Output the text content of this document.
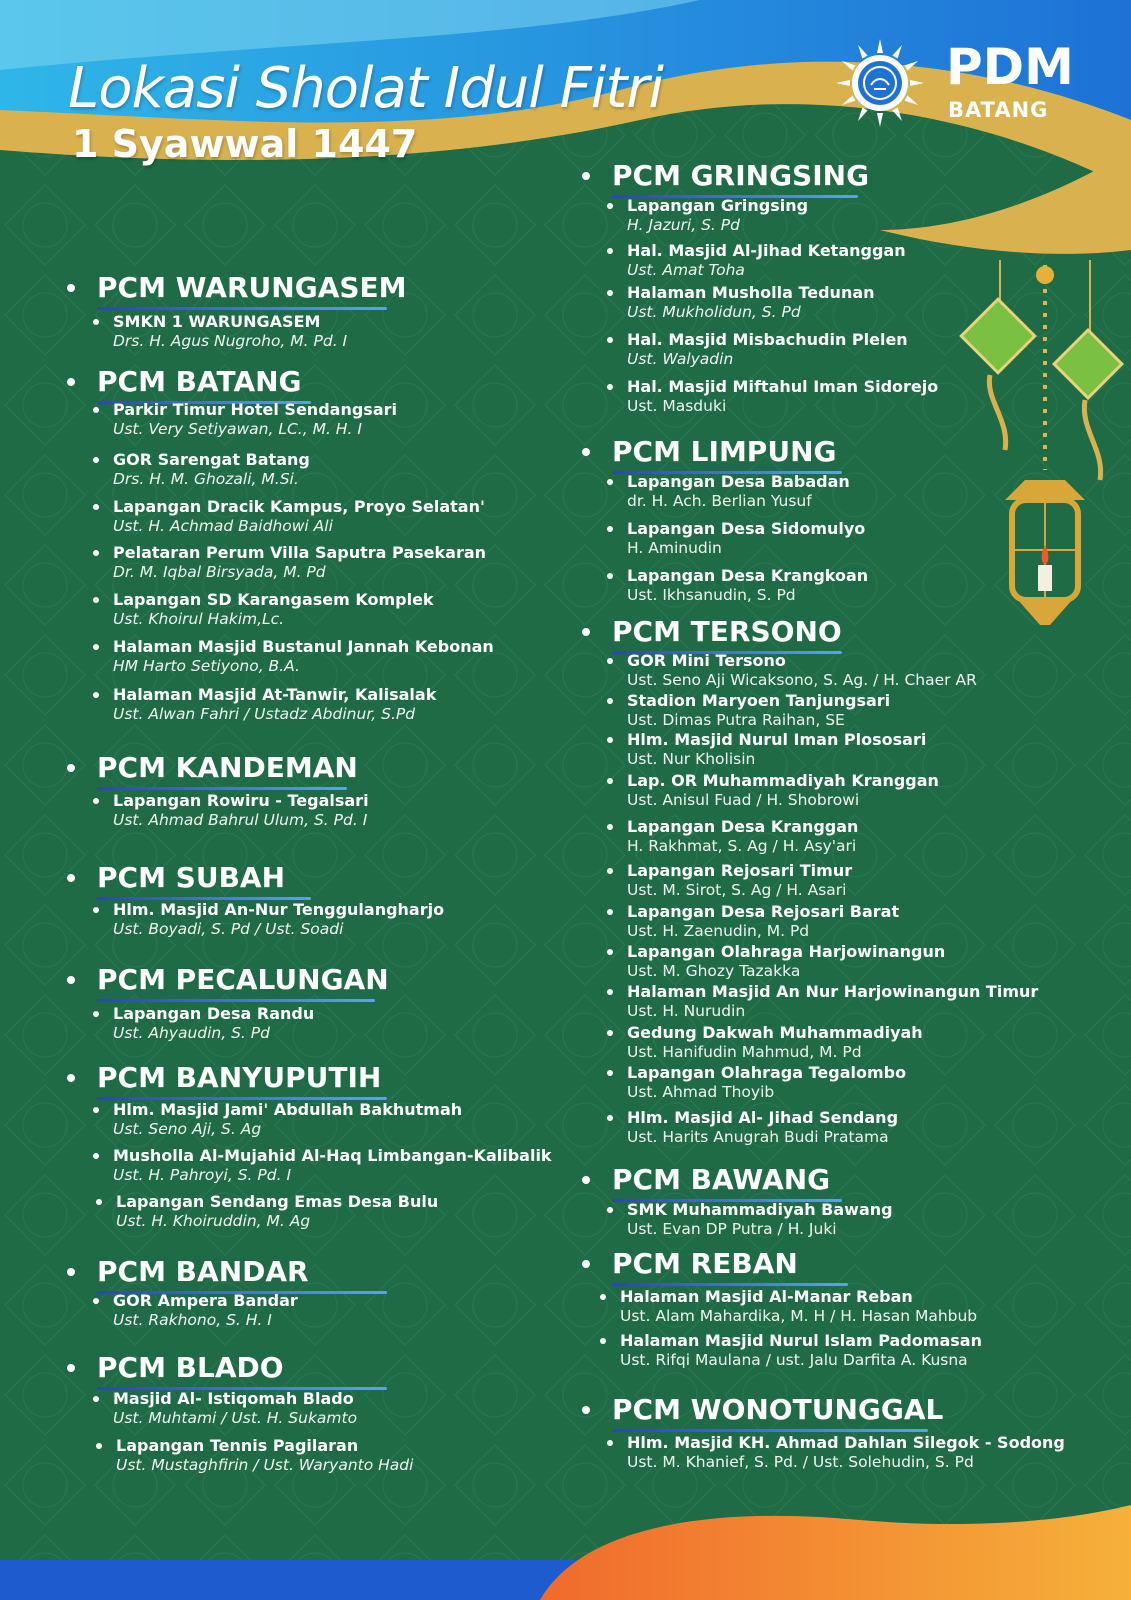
Lokasi Sholat Idul Fitri
1 Syawwal 1447
PDM
BATANG
PCM WARUNGASEM
SMKN 1 WARUNGASEM
Drs. H. Agus Nugroho, M. Pd. I
PCM BATANG
Parkir Timur Hotel Sendangsari
Ust. Very Setiyawan, LC., M. H. I
GOR Sarengat Batang
Drs. H. M. Ghozali, M.Si.
Lapangan Dracik Kampus, Proyo Selatan'
Ust. H. Achmad Baidhowi Ali
Pelataran Perum Villa Saputra Pasekaran
Dr. M. Iqbal Birsyada, M. Pd
Lapangan SD Karangasem Komplek
Ust. Khoirul Hakim,Lc.
Halaman Masjid Bustanul Jannah Kebonan
HM Harto Setiyono, B.A.
Halaman Masjid At-Tanwir, Kalisalak
Ust. Alwan Fahri / Ustadz Abdinur, S.Pd
PCM KANDEMAN
Lapangan Rowiru - Tegalsari
Ust. Ahmad Bahrul Ulum, S. Pd. I
PCM SUBAH
Hlm. Masjid An-Nur Tenggulangharjo
Ust. Boyadi, S. Pd / Ust. Soadi
PCM PECALUNGAN
Lapangan Desa Randu
Ust. Ahyaudin, S. Pd
PCM BANYUPUTIH
Hlm. Masjid Jami' Abdullah Bakhutmah
Ust. Seno Aji, S. Ag
Musholla Al-Mujahid Al-Haq Limbangan-Kalibalik
Ust. H. Pahroyi, S. Pd. I
Lapangan Sendang Emas Desa Bulu
Ust. H. Khoiruddin, M. Ag
PCM BANDAR
GOR Ampera Bandar
Ust. Rakhono, S. H. I
PCM BLADO
Masjid Al- Istiqomah Blado
Ust. Muhtami / Ust. H. Sukamto
Lapangan Tennis Pagilaran
Ust. Mustaghfirin / Ust. Waryanto Hadi
PCM GRINGSING
Lapangan Gringsing
H. Jazuri, S. Pd
Hal. Masjid Al-Jihad Ketanggan
Ust. Amat Toha
Halaman Musholla Tedunan
Ust. Mukholidun, S. Pd
Hal. Masjid Misbachudin Plelen
Ust. Walyadin
Hal. Masjid Miftahul Iman Sidorejo
Ust. Masduki
PCM LIMPUNG
Lapangan Desa Babadan
dr. H. Ach. Berlian Yusuf
Lapangan Desa Sidomulyo
H. Aminudin
Lapangan Desa Krangkoan
Ust. Ikhsanudin, S. Pd
PCM TERSONO
GOR Mini Tersono
Ust. Seno Aji Wicaksono, S. Ag. / H. Chaer AR
Stadion Maryoen Tanjungsari
Ust. Dimas Putra Raihan, SE
Hlm. Masjid Nurul Iman Plososari
Ust. Nur Kholisin
Lap. OR Muhammadiyah Kranggan
Ust. Anisul Fuad / H. Shobrowi
Lapangan Desa Kranggan
H. Rakhmat, S. Ag / H. Asy'ari
Lapangan Rejosari Timur
Ust. M. Sirot, S. Ag / H. Asari
Lapangan Desa Rejosari Barat
Ust. H. Zaenudin, M. Pd
Lapangan Olahraga Harjowinangun
Ust. M. Ghozy Tazakka
Halaman Masjid An Nur Harjowinangun Timur
Ust. H. Nurudin
Gedung Dakwah Muhammadiyah
Ust. Hanifudin Mahmud, M. Pd
Lapangan Olahraga Tegalombo
Ust. Ahmad Thoyib
Hlm. Masjid Al- Jihad Sendang
Ust. Harits Anugrah Budi Pratama
PCM BAWANG
SMK Muhammadiyah Bawang
Ust. Evan DP Putra / H. Juki
PCM REBAN
Halaman Masjid Al-Manar Reban
Ust. Alam Mahardika, M. H / H. Hasan Mahbub
Halaman Masjid Nurul Islam Padomasan
Ust. Rifqi Maulana / ust. Jalu Darfita A. Kusna
PCM WONOTUNGGAL
Hlm. Masjid KH. Ahmad Dahlan Silegok - Sodong
Ust. M. Khanief, S. Pd. / Ust. Solehudin, S. Pd
